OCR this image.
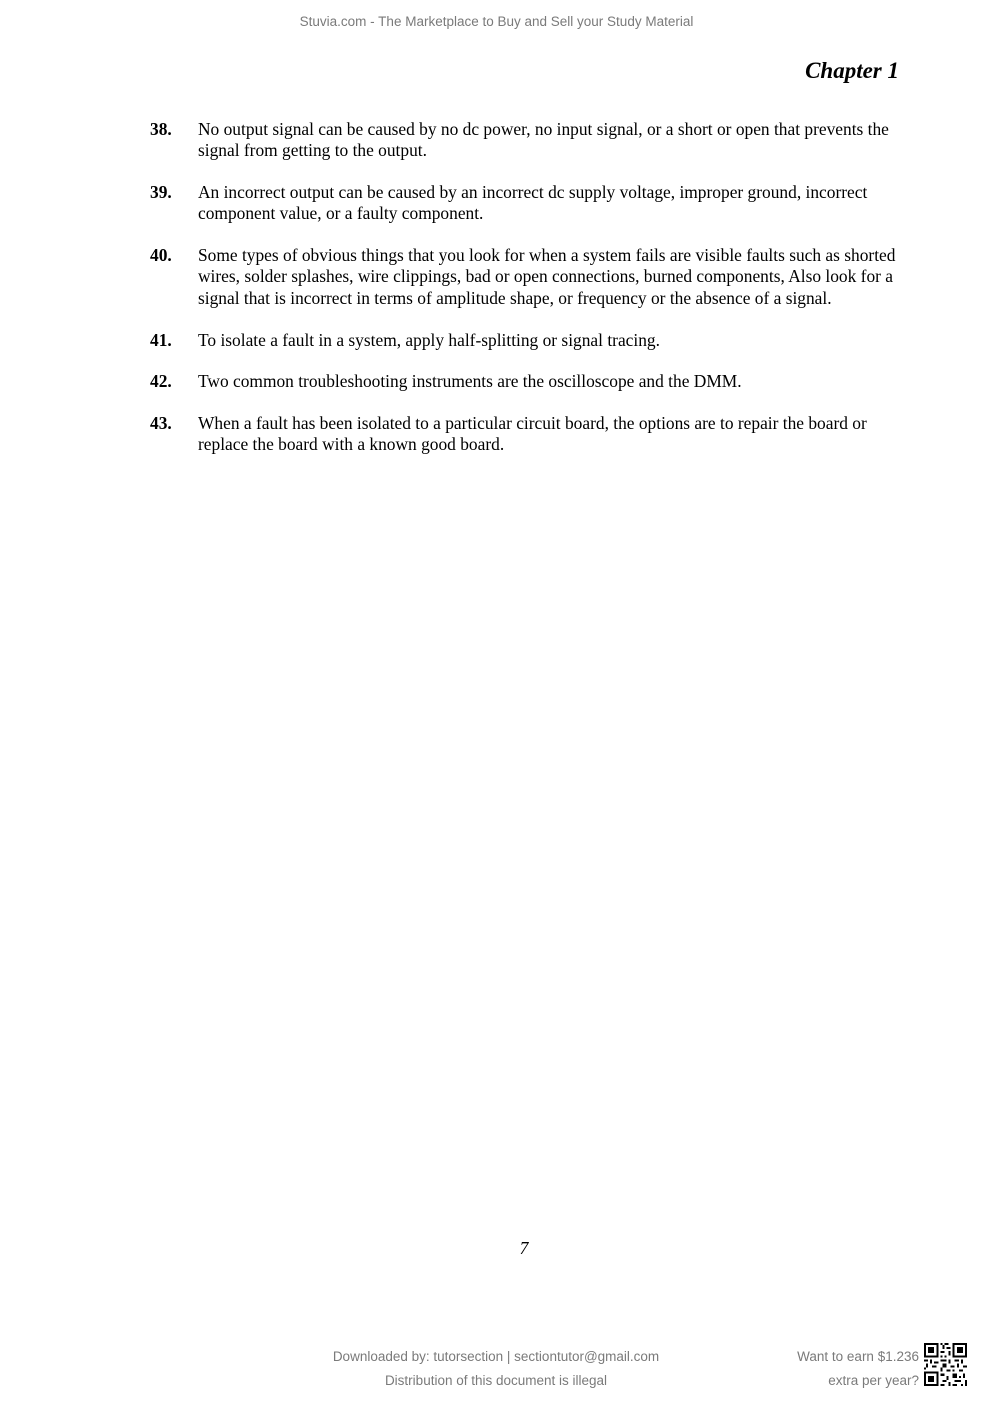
Stuvia.com - The Marketplace to Buy and Sell your Study Material
Chapter 1
38.	No output signal can be caused by no dc power, no input signal, or a short or open that prevents the signal from getting to the output.
39.	An incorrect output can be caused by an incorrect dc supply voltage, improper ground, incorrect component value, or a faulty component.
40.	Some types of obvious things that you look for when a system fails are visible faults such as shorted wires, solder splashes, wire clippings, bad or open connections, burned components, Also look for a signal that is incorrect in terms of amplitude shape, or frequency or the absence of a signal.
41.	To isolate a fault in a system, apply half-splitting or signal tracing.
42.	Two common troubleshooting instruments are the oscilloscope and the DMM.
43.	When a fault has been isolated to a particular circuit board, the options are to repair the board or replace the board with a known good board.
7
Downloaded by: tutorsection | sectiontutor@gmail.com
Distribution of this document is illegal
Want to earn $1.236
extra per year?
